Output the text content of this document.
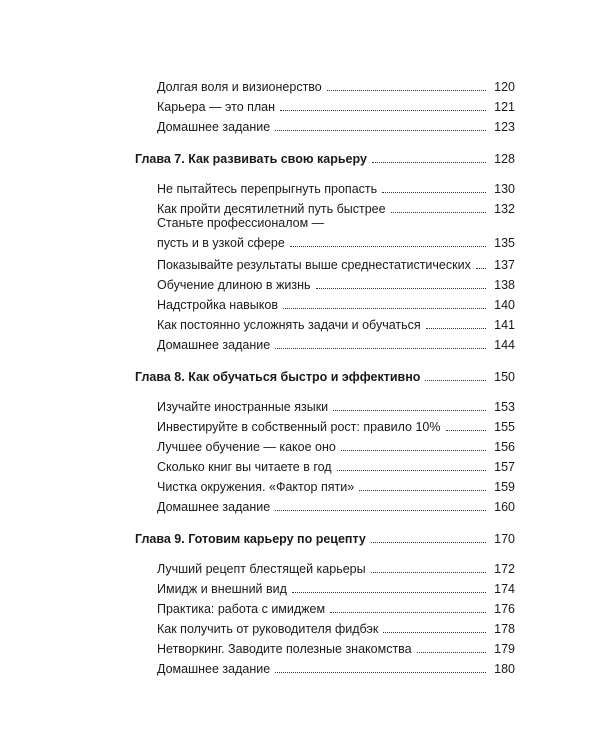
Долгая воля и визионерство	120
Карьера — это план	121
Домашнее задание	123
Глава 7. Как развивать свою карьеру	128
Не пытайтесь перепрыгнуть пропасть	130
Как пройти десятилетний путь быстрее	132
Станьте профессионалом —
пусть и в узкой сфере	135
Показывайте результаты выше среднестатистических 137
Обучение длиною в жизнь	138
Надстройка навыков	140
Как постоянно усложнять задачи и обучаться	141
Домашнее задание	144
Глава 8. Как обучаться быстро и эффективно	150
Изучайте иностранные языки	153
Инвестируйте в собственный рост: правило 10%	155
Лучшее обучение — какое оно	156
Сколько книг вы читаете в год	157
Чистка окружения. «Фактор пяти»	159
Домашнее задание	160
Глава 9. Готовим карьеру по рецепту	170
Лучший рецепт блестящей карьеры	172
Имидж и внешний вид	174
Практика: работа с имиджем	176
Как получить от руководителя фидбэк	178
Нетворкинг. Заводите полезные знакомства	179
Домашнее задание	180
